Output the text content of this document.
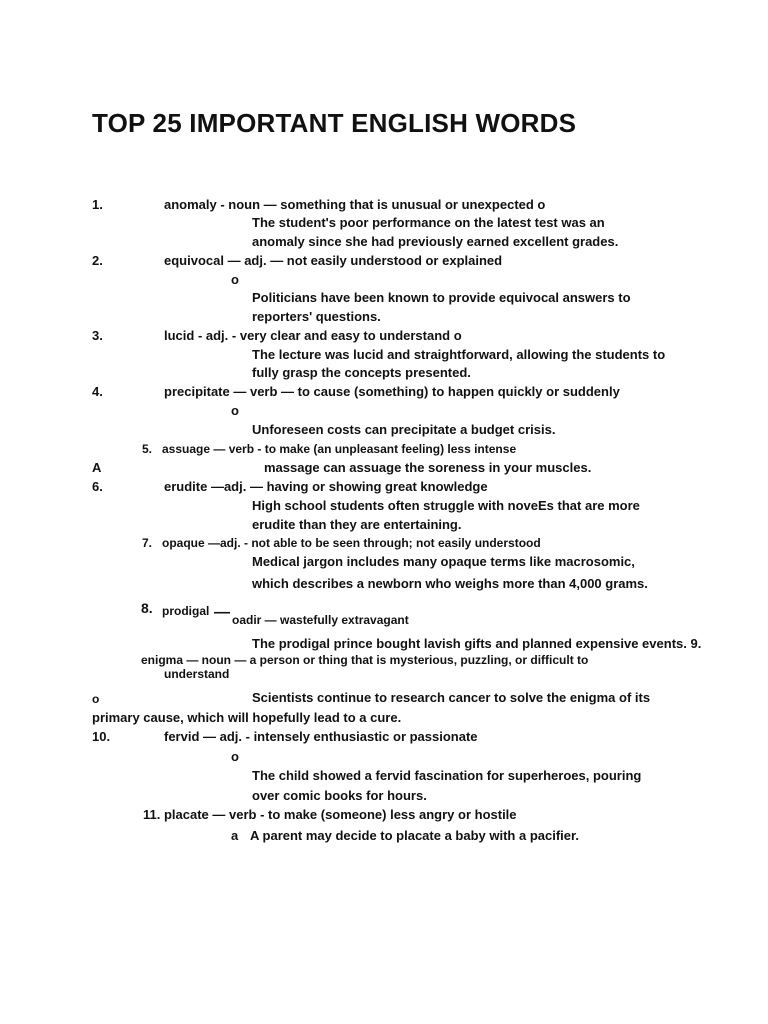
TOP 25 IMPORTANT ENGLISH WORDS
1.	anomaly - noun — something that is unusual or unexpected o
The student's poor performance on the latest test was an
anomaly since she had previously earned excellent grades.
2.	equivocal — adj. — not easily understood or explained
o
Politicians have been known to provide equivocal answers to
reporters' questions.
3.	lucid - adj. - very clear and easy to understand o
The lecture was lucid and straightforward, allowing the students to
fully grasp the concepts presented.
4.	precipitate — verb — to cause (something) to happen quickly or suddenly
o
Unforeseen costs can precipitate a budget crisis.
5. assuage — verb - to make (an unpleasant feeling) less intense
A	massage can assuage the soreness in your muscles.
6.	erudite —adj. — having or showing great knowledge
High school students often struggle with noveEs that are more
erudite than they are entertaining.
7. opaque —adj. - not able to be seen through; not easily understood
Medical jargon includes many opaque terms like macrosomic,
which describes a newborn who weighs more than 4,000 grams.
8. prodigal — oadir — wastefully extravagant
The prodigal prince bought lavish gifts and planned expensive events. 9.
enigma — noun — a person or thing that is mysterious, puzzling, or difficult to
understand
o	Scientists continue to research cancer to solve the enigma of its
primary cause, which will hopefully lead to a cure.
10.	fervid — adj. - intensely enthusiastic or passionate
o
The child showed a fervid fascination for superheroes, pouring
over comic books for hours.
11. placate — verb - to make (someone) less angry or hostile
a A parent may decide to placate a baby with a pacifier.
